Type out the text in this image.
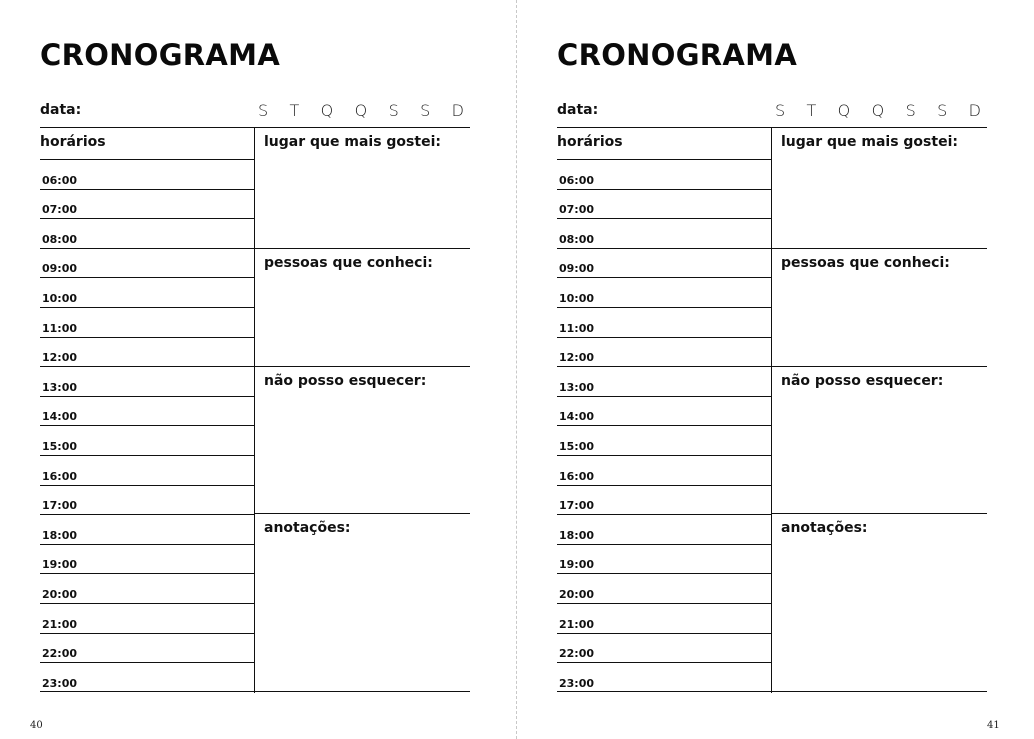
CRONOGRAMA
data:	S T Q Q S S D
horários
06:00
07:00
08:00
09:00
10:00
11:00
12:00
13:00
14:00
15:00
16:00
17:00
18:00
19:00
20:00
21:00
22:00
23:00
lugar que mais gostei:
pessoas que conheci:
não posso esquecer:
anotações:
40
CRONOGRAMA
data:	S T Q Q S S D
horários
06:00
07:00
08:00
09:00
10:00
11:00
12:00
13:00
14:00
15:00
16:00
17:00
18:00
19:00
20:00
21:00
22:00
23:00
lugar que mais gostei:
pessoas que conheci:
não posso esquecer:
anotações:
41
